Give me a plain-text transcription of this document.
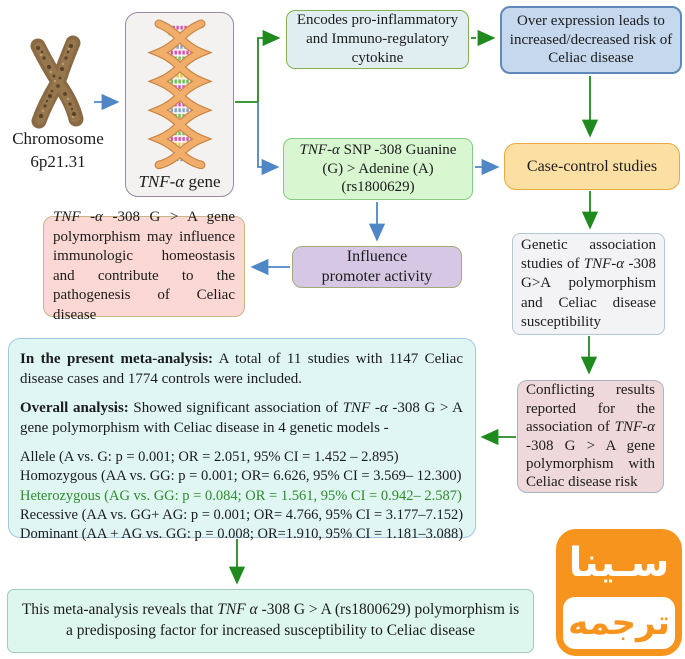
Chromosome
6p21.31
TNF-α gene

Encodes pro-inflammatory and Immuno-regulatory cytokine

Over expression leads to increased/decreased risk of Celiac disease

TNF-α SNP -308 Guanine (G) > Adenine (A) (rs1800629)

Case-control studies

TNF -α -308 G > A gene polymorphism may influence immunologic homeostasis and contribute to the pathogenesis of Celiac disease

Influence promoter activity

Genetic association studies of TNF-α -308 G>A polymorphism and Celiac disease susceptibility

Conflicting results reported for the association of TNF-α -308 G > A gene polymorphism with Celiac disease risk

In the present meta-analysis: A total of 11 studies with 1147 Celiac disease cases and 1774 controls were included.

Overall analysis: Showed significant association of TNF -α -308 G > A gene polymorphism with Celiac disease in 4 genetic models -

Allele (A vs. G: p = 0.001; OR = 2.051, 95% CI = 1.452 – 2.895)
Homozygous (AA vs. GG: p = 0.001; OR= 6.626, 95% CI = 3.569– 12.300)
Heterozygous (AG vs. GG: p = 0.084; OR = 1.561, 95% CI = 0.942– 2.587)
Recessive (AA vs. GG+ AG: p = 0.001; OR= 4.766, 95% CI = 3.177–7.152)
Dominant (AA + AG vs. GG: p = 0.008; OR=1.910, 95% CI = 1.181–3.088)

This meta-analysis reveals that TNF α -308 G > A (rs1800629) polymorphism is a predisposing factor for increased susceptibility to Celiac disease

سـينا
ترجمه
